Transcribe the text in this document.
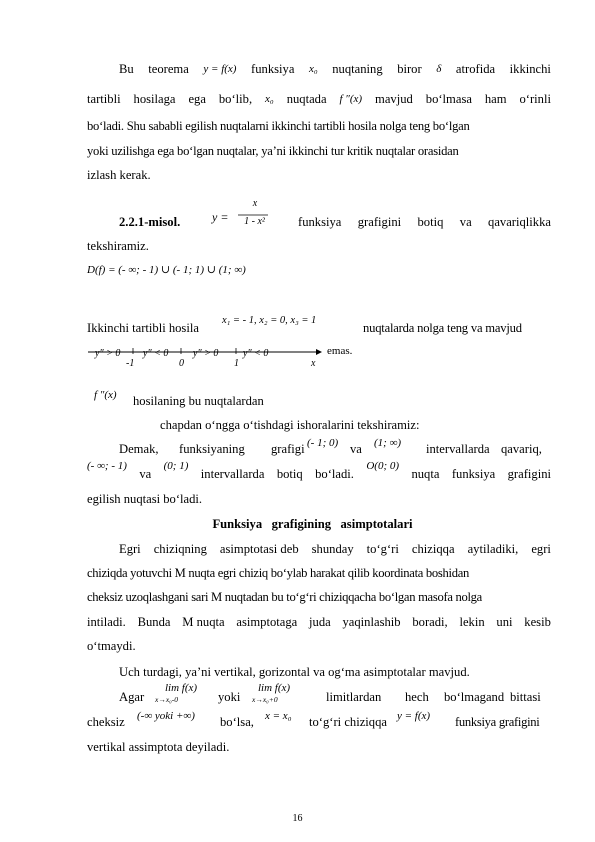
Bu teorema y = f(x) funksiya x₀ nuqtaning biror δ atrofida ikkinchi
tartibli hosilaga ega bo‘lib, x₀ nuqtada f ″(x) mavjud bo‘lmasa ham o‘rinli
bo‘ladi. Shu sababli egilish nuqtalarni ikkinchi tartibli hosila nolga teng bo‘lgan
yoki uzilishga ega bo‘lgan nuqtalar, ya’ni ikkinchi tur kritik nuqtalar orasidan
izlash kerak.
2.2.1-misol.	y =
x
1 - x²	funksiya grafigini botiq va qavariqlikka
tekshiramiz.
D(f) = (- ∞; - 1) ∪ (- 1; 1) ∪ (1; ∞)
Ikkinchi tartibli hosila
x₁ = - 1, x₂ = 0, x₃ = 1
nuqtalarda nolga teng va mavjud
y″ > 0	y″ < 0	y″ > 0	y″ < 0
-1	0	1	x
emas.
f ″(x)	hosilaning bu nuqtalardan
chapdan o‘ngga o‘tishdagi ishoralarini tekshiramiz:
Demak, funksiyaning grafigi (- 1; 0) va (1; ∞) intervallarda qavariq,
(- ∞; - 1)
va
(0; 1)
intervallarda botiq bo‘ladi.
O(0; 0)
nuqta funksiya grafigini
egilish nuqtasi bo‘ladi.
Funksiya   grafigining   asimptotalari
Egri chiziqning asimptotasi deb shunday to‘g‘ri chiziqqa aytiladiki, egri
chiziqda yotuvchi M nuqta egri chiziq bo‘ylab harakat qilib koordinata boshidan
cheksiz uzoqlashgani sari M nuqtadan bu to‘g‘ri chiziqqacha bo‘lgan masofa nolga
intiladi. Bunda M nuqta asimptotaga juda yaqinlashib boradi, lekin uni kesib
o‘tmaydi.
Uch turdagi, ya’ni vertikal, gorizontal va og‘ma asimptotalar mavjud.
Agar
lim f(x)
x→x₀-0	yoki
lim f(x)
x→x₀+0	limitlardan hech bo‘lmagand bittasi
cheksiz (-∞ yoki +∞) bo‘lsa, x = x₀ to‘g‘ri chiziqqa y = f(x) funksiya grafigini
vertikal assimptota deyiladi.
16
